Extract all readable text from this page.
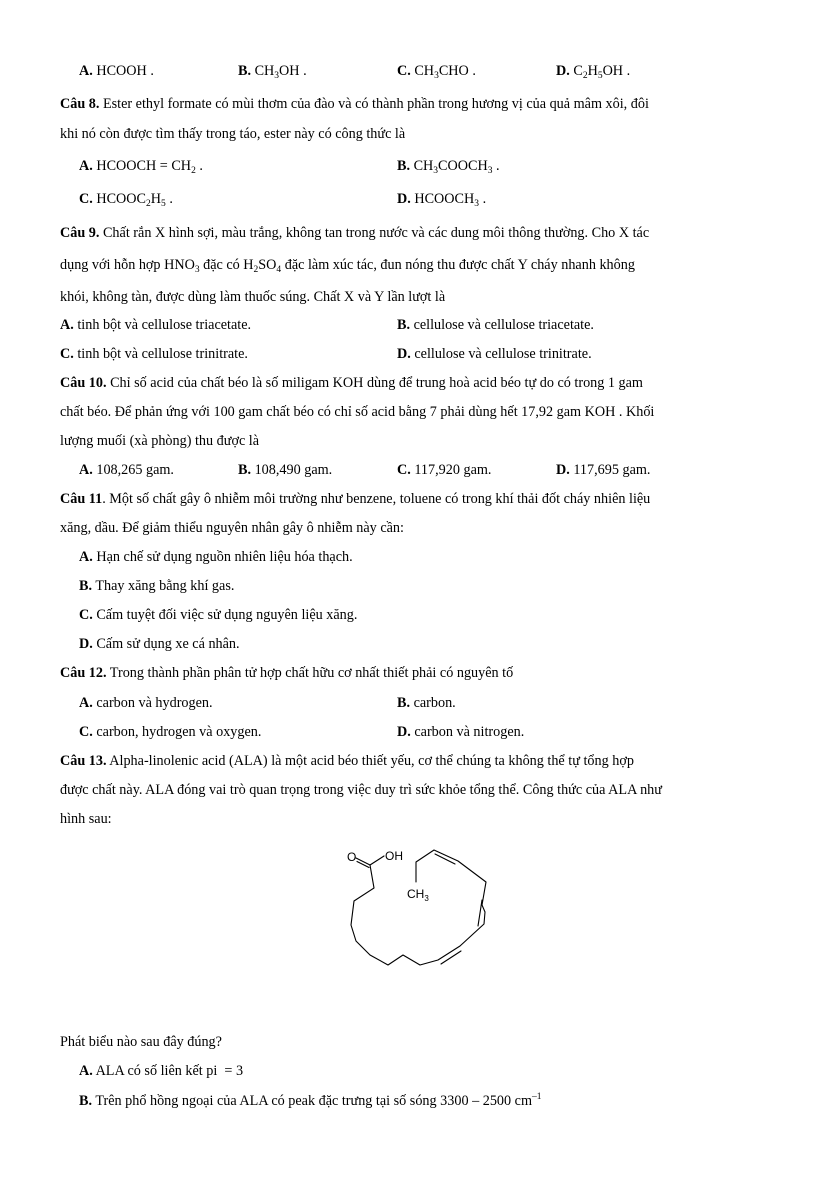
A. HCOOH .	B. $CH_3OH$ .	C. $CH_3CHO$ .	D. $C_2H_5OH$ .
Câu 8. Ester ethyl formate có mùi thơm của đào và có thành phần trong hương vị của quả mâm xôi, đôi
khi nó còn được tìm thấy trong táo, ester này có công thức là
A. HCOOCH = $CH_2$ .	B. $CH_3COOCH_3$ .
C. $HCOOC_2H_5$ .	D. $HCOOCH_3$ .
Câu 9. Chất rắn X hình sợi, màu trắng, không tan trong nước và các dung môi thông thường. Cho X tác
dụng với hỗn hợp $HNO_3$ đặc có $H_2SO_4$ đặc làm xúc tác, đun nóng thu được chất Y cháy nhanh không
khói, không tàn, được dùng làm thuốc súng. Chất X và Y lần lượt là
A. tinh bột và cellulose triacetate.	B. cellulose và cellulose triacetate.
C. tinh bột và cellulose trinitrate.	D. cellulose và cellulose trinitrate.
Câu 10. Chỉ số acid của chất béo là số miligam KOH dùng để trung hoà acid béo tự do có trong 1 gam
chất béo. Để phản ứng với 100 gam chất béo có chỉ số acid bằng 7 phải dùng hết 17,92 gam KOH . Khối
lượng muối (xà phòng) thu được là
A. 108,265 gam.	B. 108,490 gam.	C. 117,920 gam.	D. 117,695 gam.
Câu 11. Một số chất gây ô nhiễm môi trường như benzene, toluene có trong khí thải đốt cháy nhiên liệu
xăng, dầu. Để giảm thiểu nguyên nhân gây ô nhiễm này cần:
A. Hạn chế sử dụng nguồn nhiên liệu hóa thạch.
B. Thay xăng bằng khí gas.
C. Cấm tuyệt đối việc sử dụng nguyên liệu xăng.
D. Cấm sử dụng xe cá nhân.
Câu 12. Trong thành phần phân tử hợp chất hữu cơ nhất thiết phải có nguyên tố
A. carbon và hydrogen.	B. carbon.
C. carbon, hydrogen và oxygen.	D. carbon và nitrogen.
Câu 13. Alpha-linolenic acid (ALA) là một acid béo thiết yếu, cơ thể chúng ta không thể tự tổng hợp
được chất này. ALA đóng vai trò quan trọng trong việc duy trì sức khỏe tổng thể. Công thức của ALA như
hình sau:
O OH
$CH_3$
Phát biểu nào sau đây đúng?
A. ALA có số liên kết pi  = 3
B. Trên phổ hồng ngoại của ALA có peak đặc trưng tại số sóng 3300 – 2500 $cm^{-1}$
